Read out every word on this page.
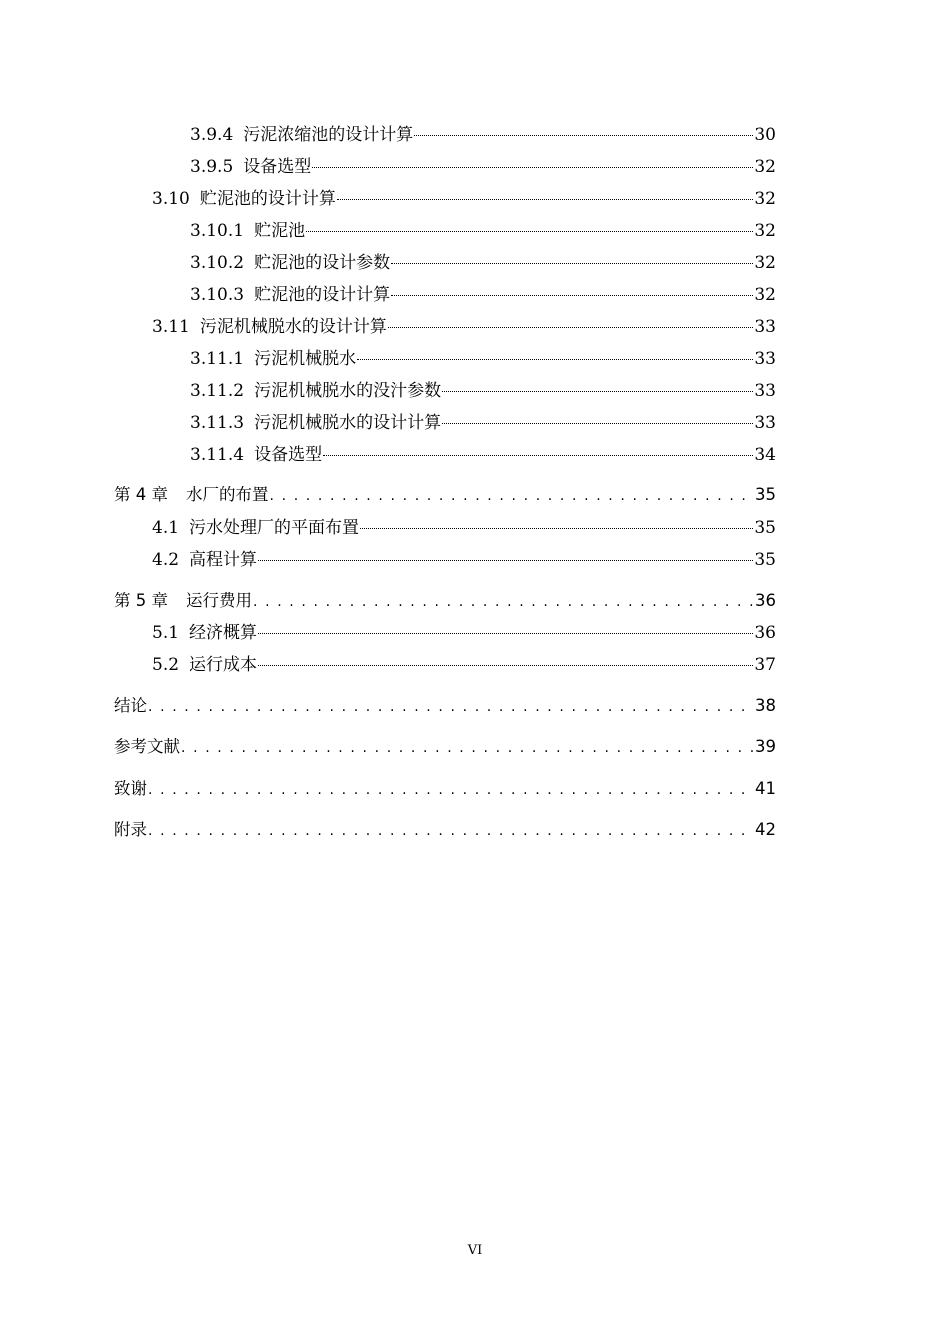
3.9.4 污泥浓缩池的设计计算	30
3.9.5 设备选型	32
3.10 贮泥池的设计计算	32
3.10.1 贮泥池	32
3.10.2 贮泥池的设计参数	32
3.10.3 贮泥池的设计计算	32
3.11 污泥机械脱水的设计计算	33
3.11.1 污泥机械脱水	33
3.11.2 污泥机械脱水的没汁参数	33
3.11.3 污泥机械脱水的设计计算	33
3.11.4 设备选型	34
第 4 章 水厂的布置 . . .	35
4.1 污水处理厂的平面布置	35
4.2 高程计算	35
第 5 章 运行费用 . . .	36
5.1 经济概算	36
5.2 运行成本	37
结论 . . .	38
参考文献 . . .	39
致谢 . . .	41
附录 . . .	42
VI
